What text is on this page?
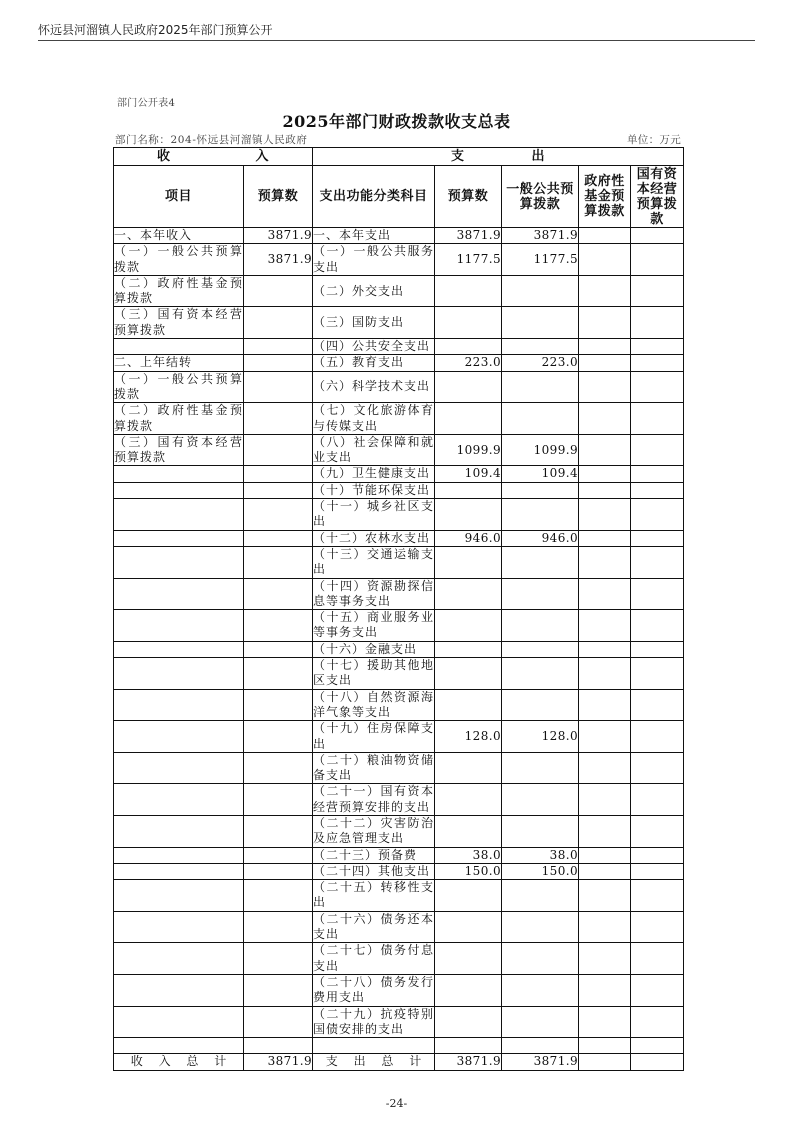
怀远县河溜镇人民政府2025年部门预算公开
部门公开表4
2025年部门财政拨款收支总表
部门名称：204-怀远县河溜镇人民政府	单位：万元
收 入		支 出				
项目	预算数	支出功能分类科目	预算数	一般公共预算拨款	政府性基金预算拨款	国有资本经营预算拨款
一、本年收入	3871.9	一、本年支出	3871.9	3871.9		
（一）一般公共预算拨款	3871.9	（一）一般公共服务支出	1177.5	1177.5		
（二）政府性基金预算拨款		（二）外交支出				
（三）国有资本经营预算拨款		（三）国防支出				
		（四）公共安全支出				
二、上年结转		（五）教育支出	223.0	223.0		
（一）一般公共预算拨款		（六）科学技术支出				
（二）政府性基金预算拨款		（七）文化旅游体育与传媒支出				
（三）国有资本经营预算拨款		（八）社会保障和就业支出	1099.9	1099.9		
		（九）卫生健康支出	109.4	109.4		
		（十）节能环保支出				
		（十一）城乡社区支出				
		（十二）农林水支出	946.0	946.0		
		（十三）交通运输支出				
		（十四）资源勘探信息等事务支出				
		（十五）商业服务业等事务支出				
		（十六）金融支出				
		（十七）援助其他地区支出				
		（十八）自然资源海洋气象等支出				
		（十九）住房保障支出	128.0	128.0		
		（二十）粮油物资储备支出				
		（二十一）国有资本经营预算安排的支出				
		（二十二）灾害防治及应急管理支出				
		（二十三）预备费	38.0	38.0		
		（二十四）其他支出	150.0	150.0		
		（二十五）转移性支出				
		（二十六）债务还本支出				
		（二十七）债务付息支出				
		（二十八）债务发行费用支出				
		（二十九）抗疫特别国债安排的支出				

收 入 总 计	3871.9	支 出 总 计	3871.9	3871.9		
-24-
